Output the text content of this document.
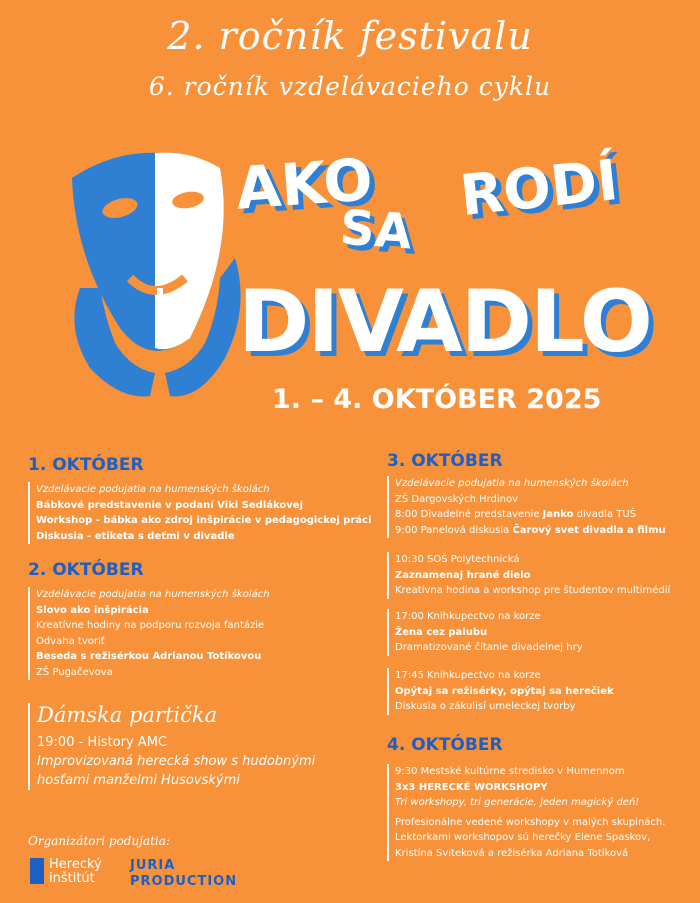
2. ročník festivalu
6. ročník vzdelávacieho cyklu
AKO
SA
RODÍ
DIVADLO
1. – 4. OKTÓBER 2025
1. OKTÓBER
Vzdelávacie podujatia na humenských školách
Bábkové predstavenie v podaní Viki Sedlákovej
Workshop - bábka ako zdroj inšpirácie v pedagogickej práci
Diskusia - etiketa s deťmi v divadle
2. OKTÓBER
Vzdelávacie podujatia na humenských školách
Slovo ako inšpirácia
Kreatívne hodiny na podporu rozvoja fantázie
Odvaha tvoriť
Beseda s režisérkou Adrianou Totíkovou
ZŠ Pugačevova
Dámska partička
19:00 - History AMC
Improvizovaná herecká show s hudobnými
hosťami manželmi Husovskými
Organizátori podujatia:
Herecký
inštitút
JURIA
PRODUCTION
3. OKTÓBER
Vzdelávacie podujatia na humenských školách
ZŠ Dargovských Hrdinov
8:00 Divadelné predstavenie Janko divadla TUŠ
9:00 Panelová diskusia Čarový svet divadla a filmu
10:30 SOŠ Polytechnická
Zaznamenaj hrané dielo
Kreatívna hodina a workshop pre študentov multimédií
17:00 Knihkupectvo na korze
Žena cez palubu
Dramatizované čítanie divadelnej hry
17:45 Knihkupectvo na korze
Opýtaj sa režisérky, opýtaj sa herečiek
Diskusia o zákulisí umeleckej tvorby
4. OKTÓBER
9:30 Mestské kultúrne stredisko v Humennom
3x3 HERECKÉ WORKSHOPY
Tri workshopy, tri generácie, jeden magický deň!
Profesionálne vedené workshopy v malých skupinách.
Lektorkami workshopov sú herečky Elene Spaskov,
Kristína Sviteková a režisérka Adriana Totíková
